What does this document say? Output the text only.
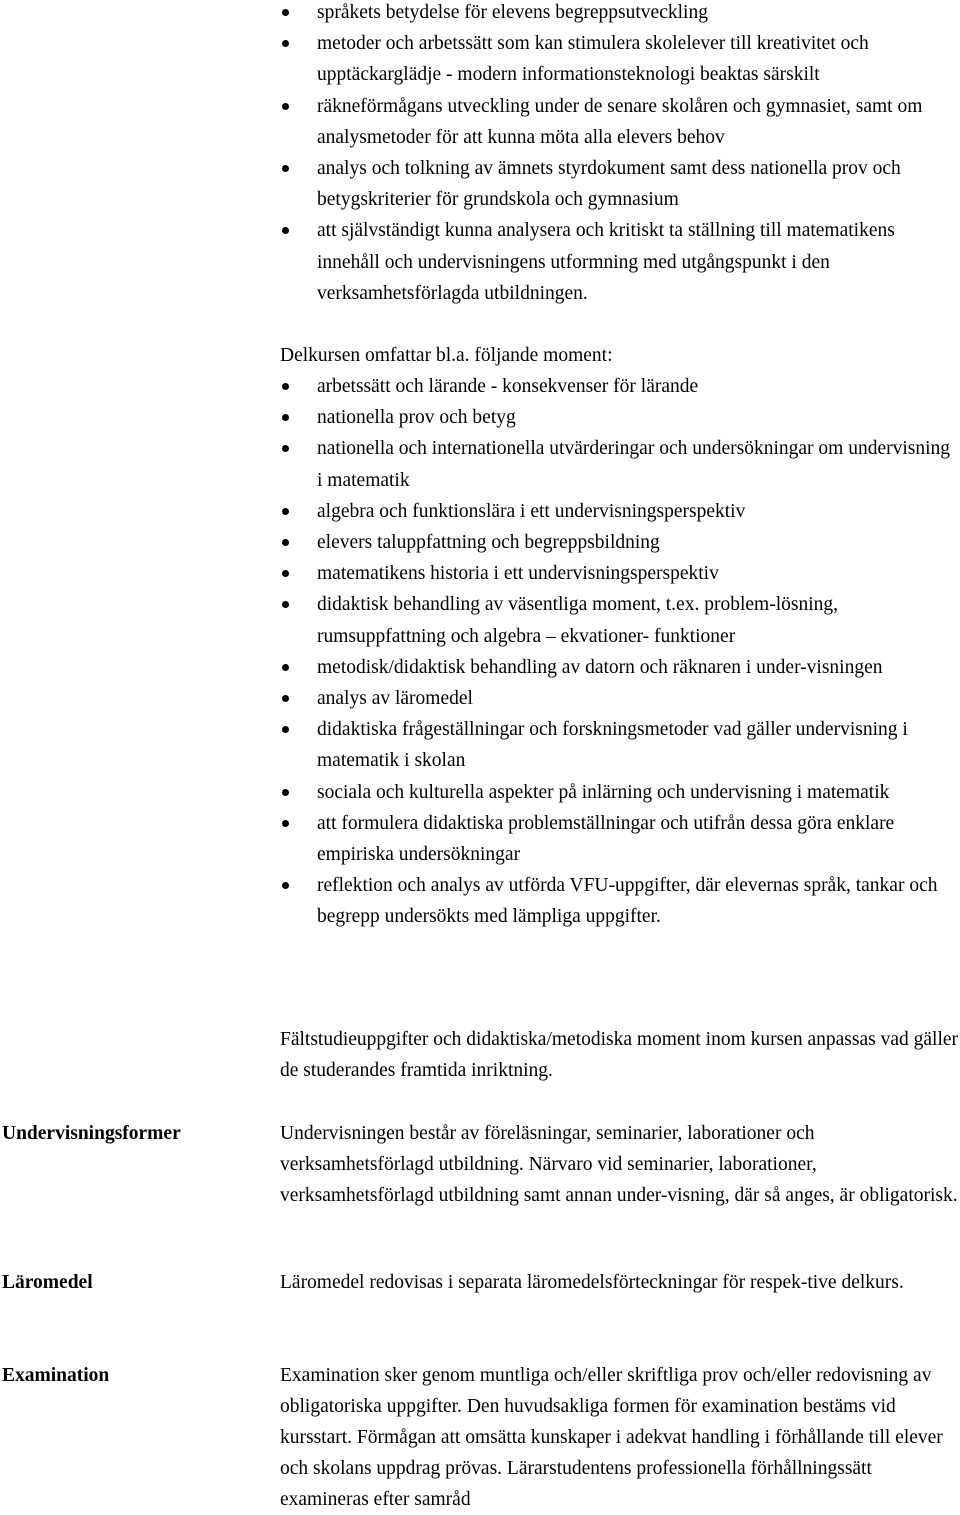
språkets betydelse för elevens begreppsutveckling
metoder och arbetssätt som kan stimulera skolelever till kreativitet och upptäckarglädje - modern informationsteknologi beaktas särskilt
räkneförmågans utveckling under de senare skolåren och gymnasiet, samt om analysmetoder för att kunna möta alla elevers behov
analys och tolkning av ämnets styrdokument samt dess nationella prov och betygskriterier för grundskola och gymnasium
att självständigt kunna analysera och kritiskt ta ställning till matematikens innehåll och undervisningens utformning med utgångspunkt i den verksamhetsförlagda utbildningen.
Delkursen omfattar bl.a. följande moment:
arbetssätt och lärande - konsekvenser för lärande
nationella prov och betyg
nationella och internationella utvärderingar och undersökningar om undervisning i matematik
algebra och funktionslära i ett undervisningsperspektiv
elevers taluppfattning och begreppsbildning
matematikens historia i ett undervisningsperspektiv
didaktisk behandling av väsentliga moment, t.ex. problem-lösning, rumsuppfattning och algebra – ekvationer- funktioner
metodisk/didaktisk behandling av datorn och räknaren i under-visningen
analys av läromedel
didaktiska frågeställningar och forskningsmetoder vad gäller undervisning i matematik i skolan
sociala och kulturella aspekter på inlärning och undervisning i matematik
att formulera didaktiska problemställningar och utifrån dessa göra enklare empiriska undersökningar
reflektion och analys av utförda VFU-uppgifter, där elevernas språk, tankar och begrepp undersökts med lämpliga uppgifter.
Fältstudieuppgifter och didaktiska/metodiska moment inom kursen anpassas vad gäller de studerandes framtida inriktning.
Undervisningsformer	Undervisningen består av föreläsningar, seminarier, laborationer och verksamhetsförlagd utbildning. Närvaro vid seminarier, laborationer, verksamhetsförlagd utbildning samt annan under-visning, där så anges, är obligatorisk.
Läromedel	Läromedel redovisas i separata läromedelsförteckningar för respek-tive delkurs.
Examination	Examination sker genom muntliga och/eller skriftliga prov och/eller redovisning av obligatoriska uppgifter. Den huvudsakliga formen för examination bestäms vid kursstart. Förmågan att omsätta kunskaper i adekvat handling i förhållande till elever och skolans uppdrag prövas. Lärarstudentens professionella förhållningssätt examineras efter samråd
